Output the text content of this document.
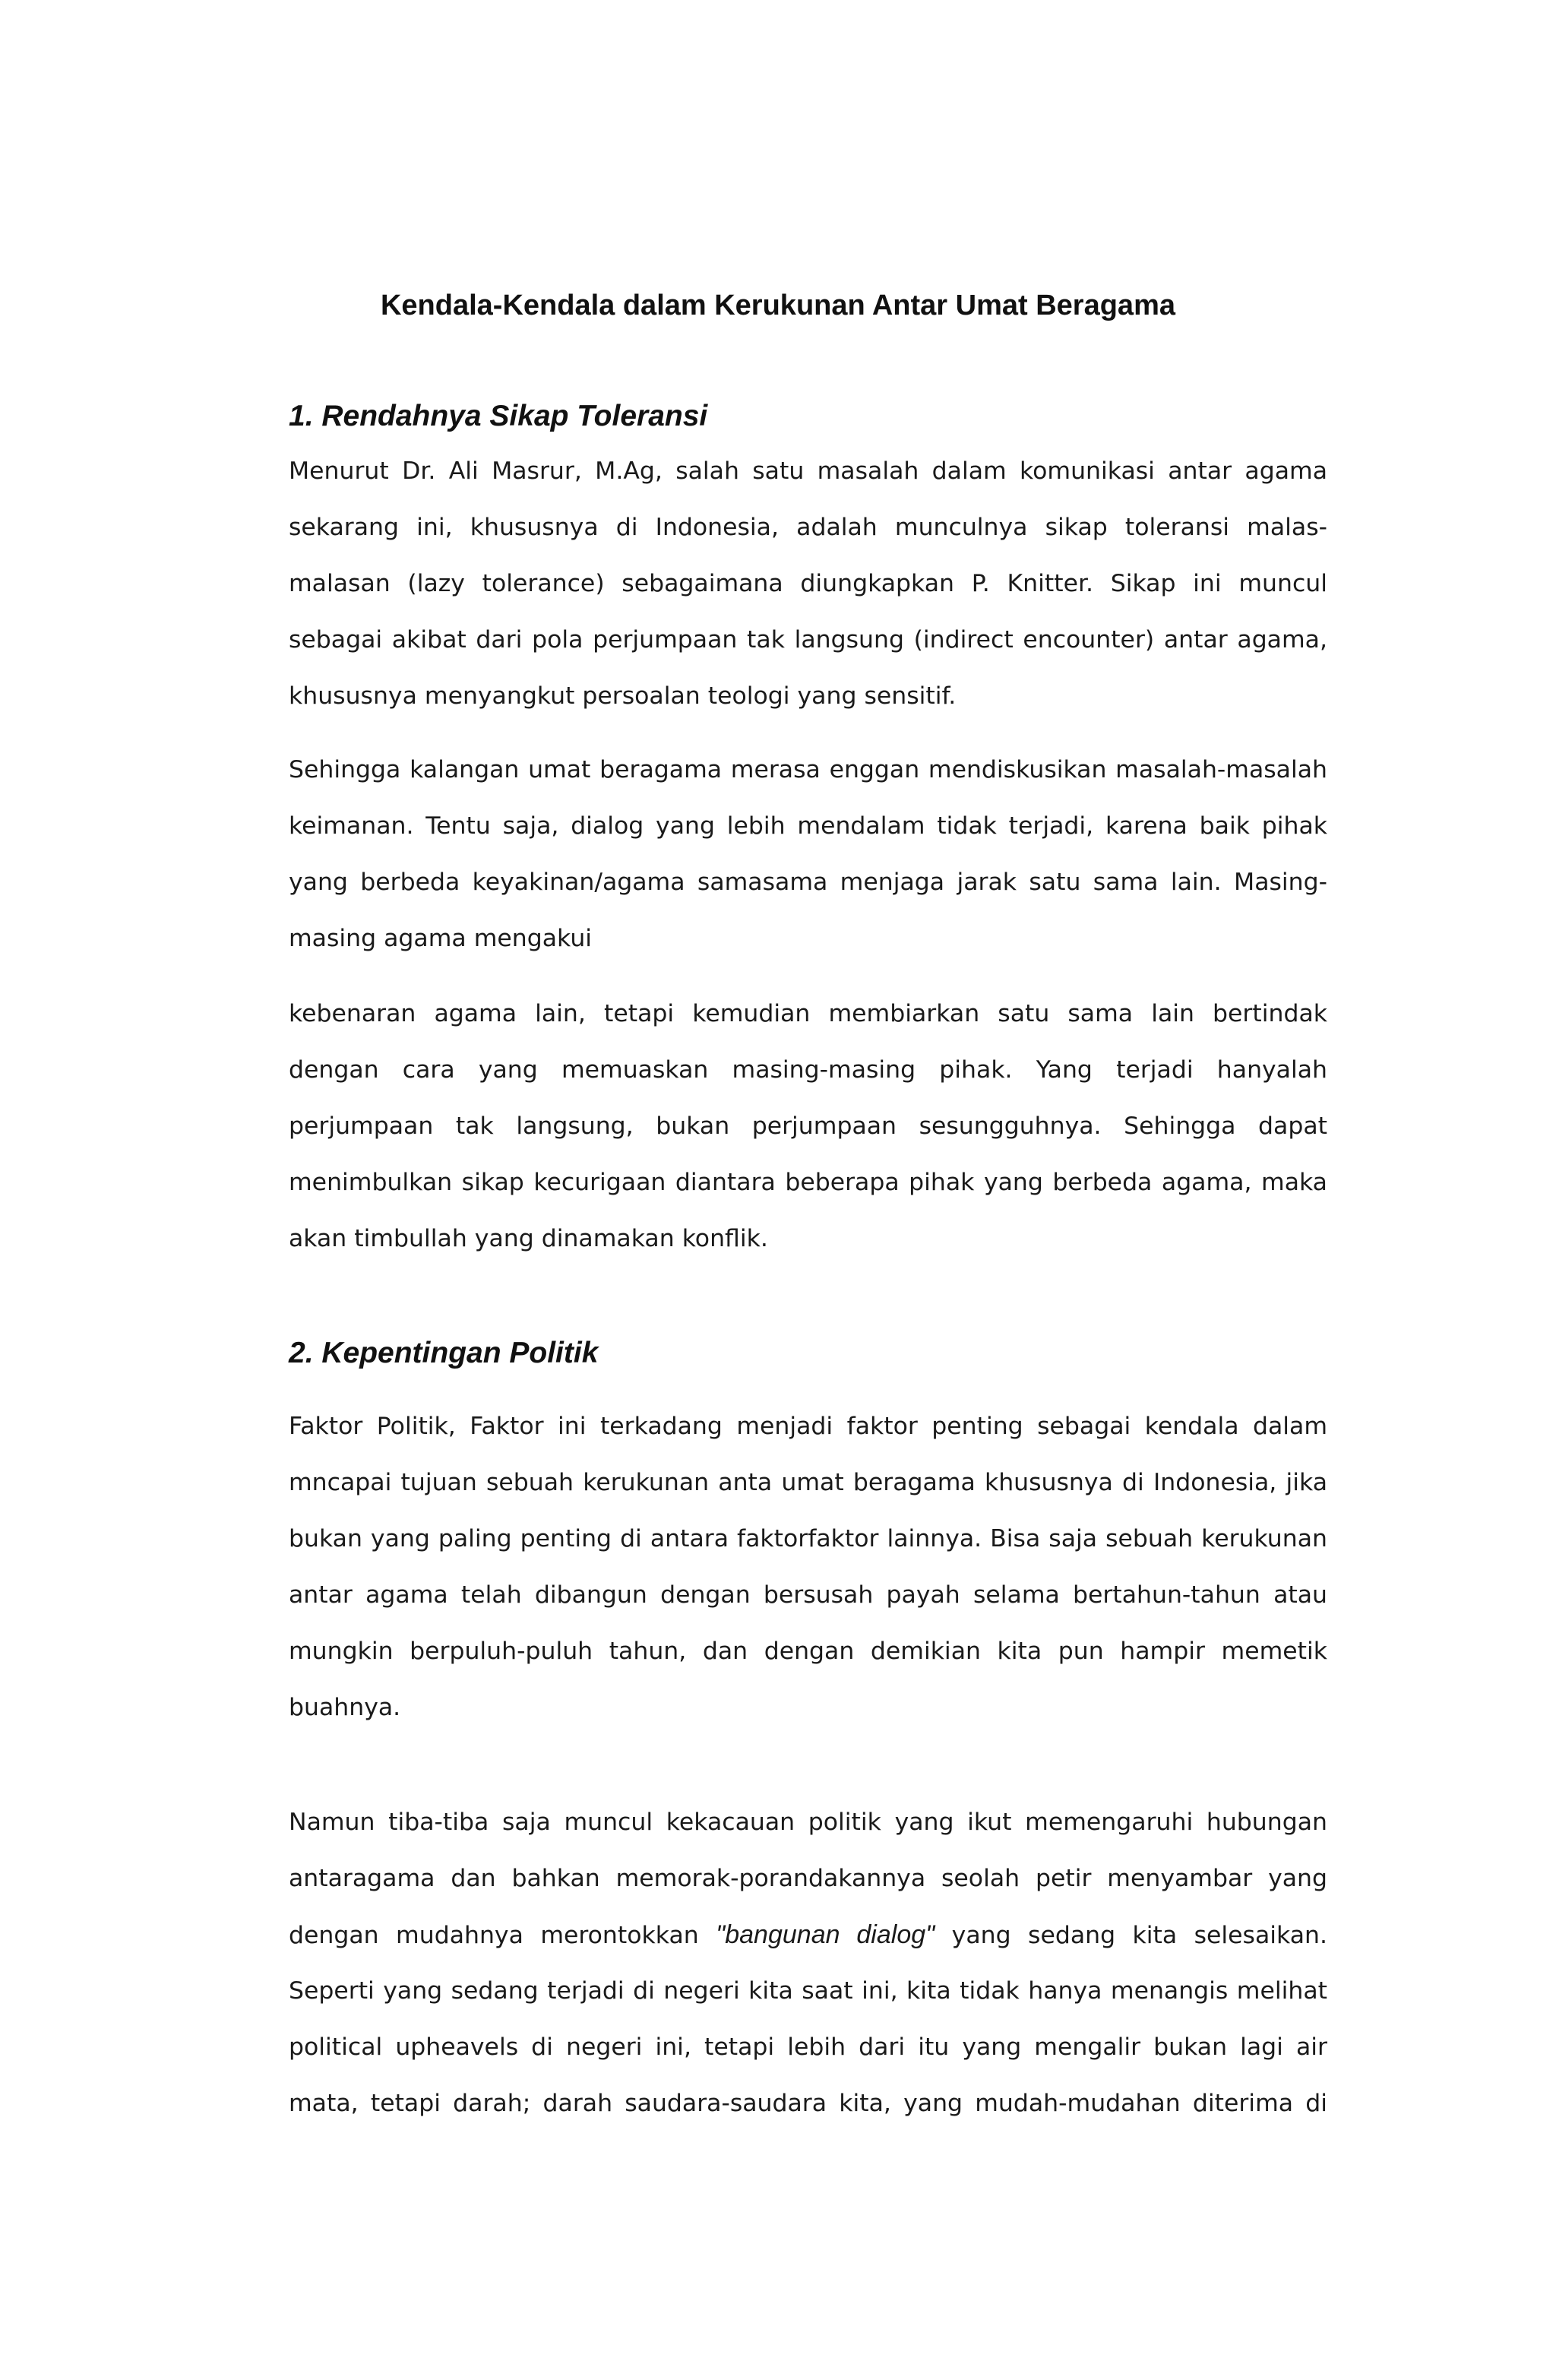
Kendala-Kendala dalam Kerukunan Antar Umat Beragama
1. Rendahnya Sikap Toleransi
Menurut Dr. Ali Masrur, M.Ag, salah satu masalah dalam komunikasi antar agama
sekarang ini, khususnya di Indonesia, adalah munculnya sikap toleransi malas-
malasan (lazy tolerance) sebagaimana diungkapkan P. Knitter. Sikap ini muncul
sebagai akibat dari pola perjumpaan tak langsung (indirect encounter) antar agama,
khususnya menyangkut persoalan teologi yang sensitif.
Sehingga kalangan umat beragama merasa enggan mendiskusikan masalah-masalah
keimanan. Tentu saja, dialog yang lebih mendalam tidak terjadi, karena baik pihak
yang berbeda keyakinan/agama samasama menjaga jarak satu sama lain. Masing-
masing agama mengakui
kebenaran agama lain, tetapi kemudian membiarkan satu sama lain bertindak
dengan cara yang memuaskan masing-masing pihak. Yang terjadi hanyalah
perjumpaan tak langsung, bukan perjumpaan sesungguhnya. Sehingga dapat
menimbulkan sikap kecurigaan diantara beberapa pihak yang berbeda agama, maka
akan timbullah yang dinamakan konflik.
2. Kepentingan Politik
Faktor Politik, Faktor ini terkadang menjadi faktor penting sebagai kendala dalam
mncapai tujuan sebuah kerukunan anta umat beragama khususnya di Indonesia, jika
bukan yang paling penting di antara faktorfaktor lainnya. Bisa saja sebuah kerukunan
antar agama telah dibangun dengan bersusah payah selama bertahun-tahun atau
mungkin berpuluh-puluh tahun, dan dengan demikian kita pun hampir memetik
buahnya.
Namun tiba-tiba saja muncul kekacauan politik yang ikut memengaruhi hubungan
antaragama dan bahkan memorak-porandakannya seolah petir menyambar yang
dengan mudahnya merontokkan "bangunan dialog" yang sedang kita selesaikan.
Seperti yang sedang terjadi di negeri kita saat ini, kita tidak hanya menangis melihat
political upheavels di negeri ini, tetapi lebih dari itu yang mengalir bukan lagi air
mata, tetapi darah; darah saudara-saudara kita, yang mudah-mudahan diterima di
